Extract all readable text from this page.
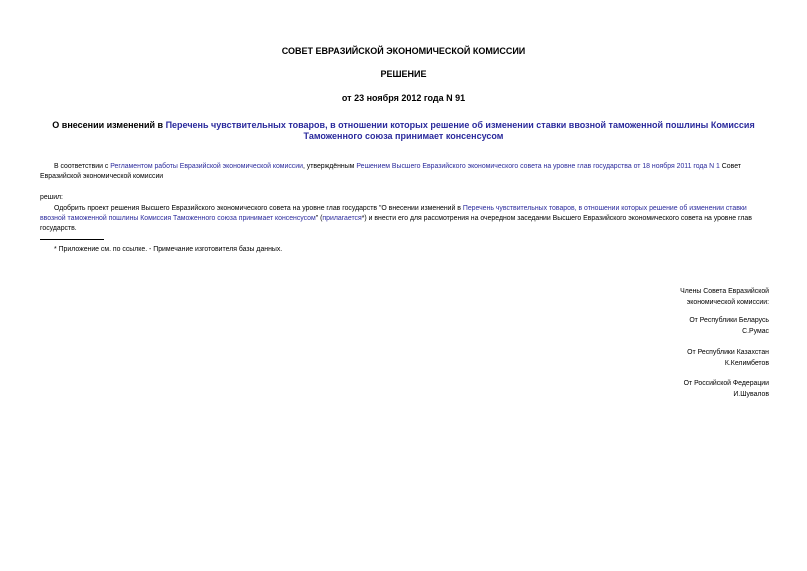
СОВЕТ ЕВРАЗИЙСКОЙ ЭКОНОМИЧЕСКОЙ КОМИССИИ
РЕШЕНИЕ
от 23 ноября 2012 года N 91
О внесении изменений в Перечень чувствительных товаров, в отношении которых решение об изменении ставки ввозной таможенной пошлины Комиссия Таможенного союза принимает консенсусом
В соответствии с Регламентом работы Евразийской экономической комиссии, утверждённым Решением Высшего Евразийского экономического совета на уровне глав государства от 18 ноября 2011 года N 1 Совет Евразийской экономической комиссии
решил:
Одобрить проект решения Высшего Евразийского экономического совета на уровне глав государств "О внесении изменений в Перечень чувствительных товаров, в отношении которых решение об изменении ставки ввозной таможенной пошлины Комиссия Таможенного союза принимает консенсусом" (прилагается*) и внести его для рассмотрения на очередном заседании Высшего Евразийского экономического совета на уровне глав государств.
* Приложение см. по ссылке. - Примечание изготовителя базы данных.
Члены Совета Евразийской
экономической комиссии:
От Республики Беларусь
С.Румас
От Республики Казахстан
К.Келимбетов
От Российской Федерации
И.Шувалов
